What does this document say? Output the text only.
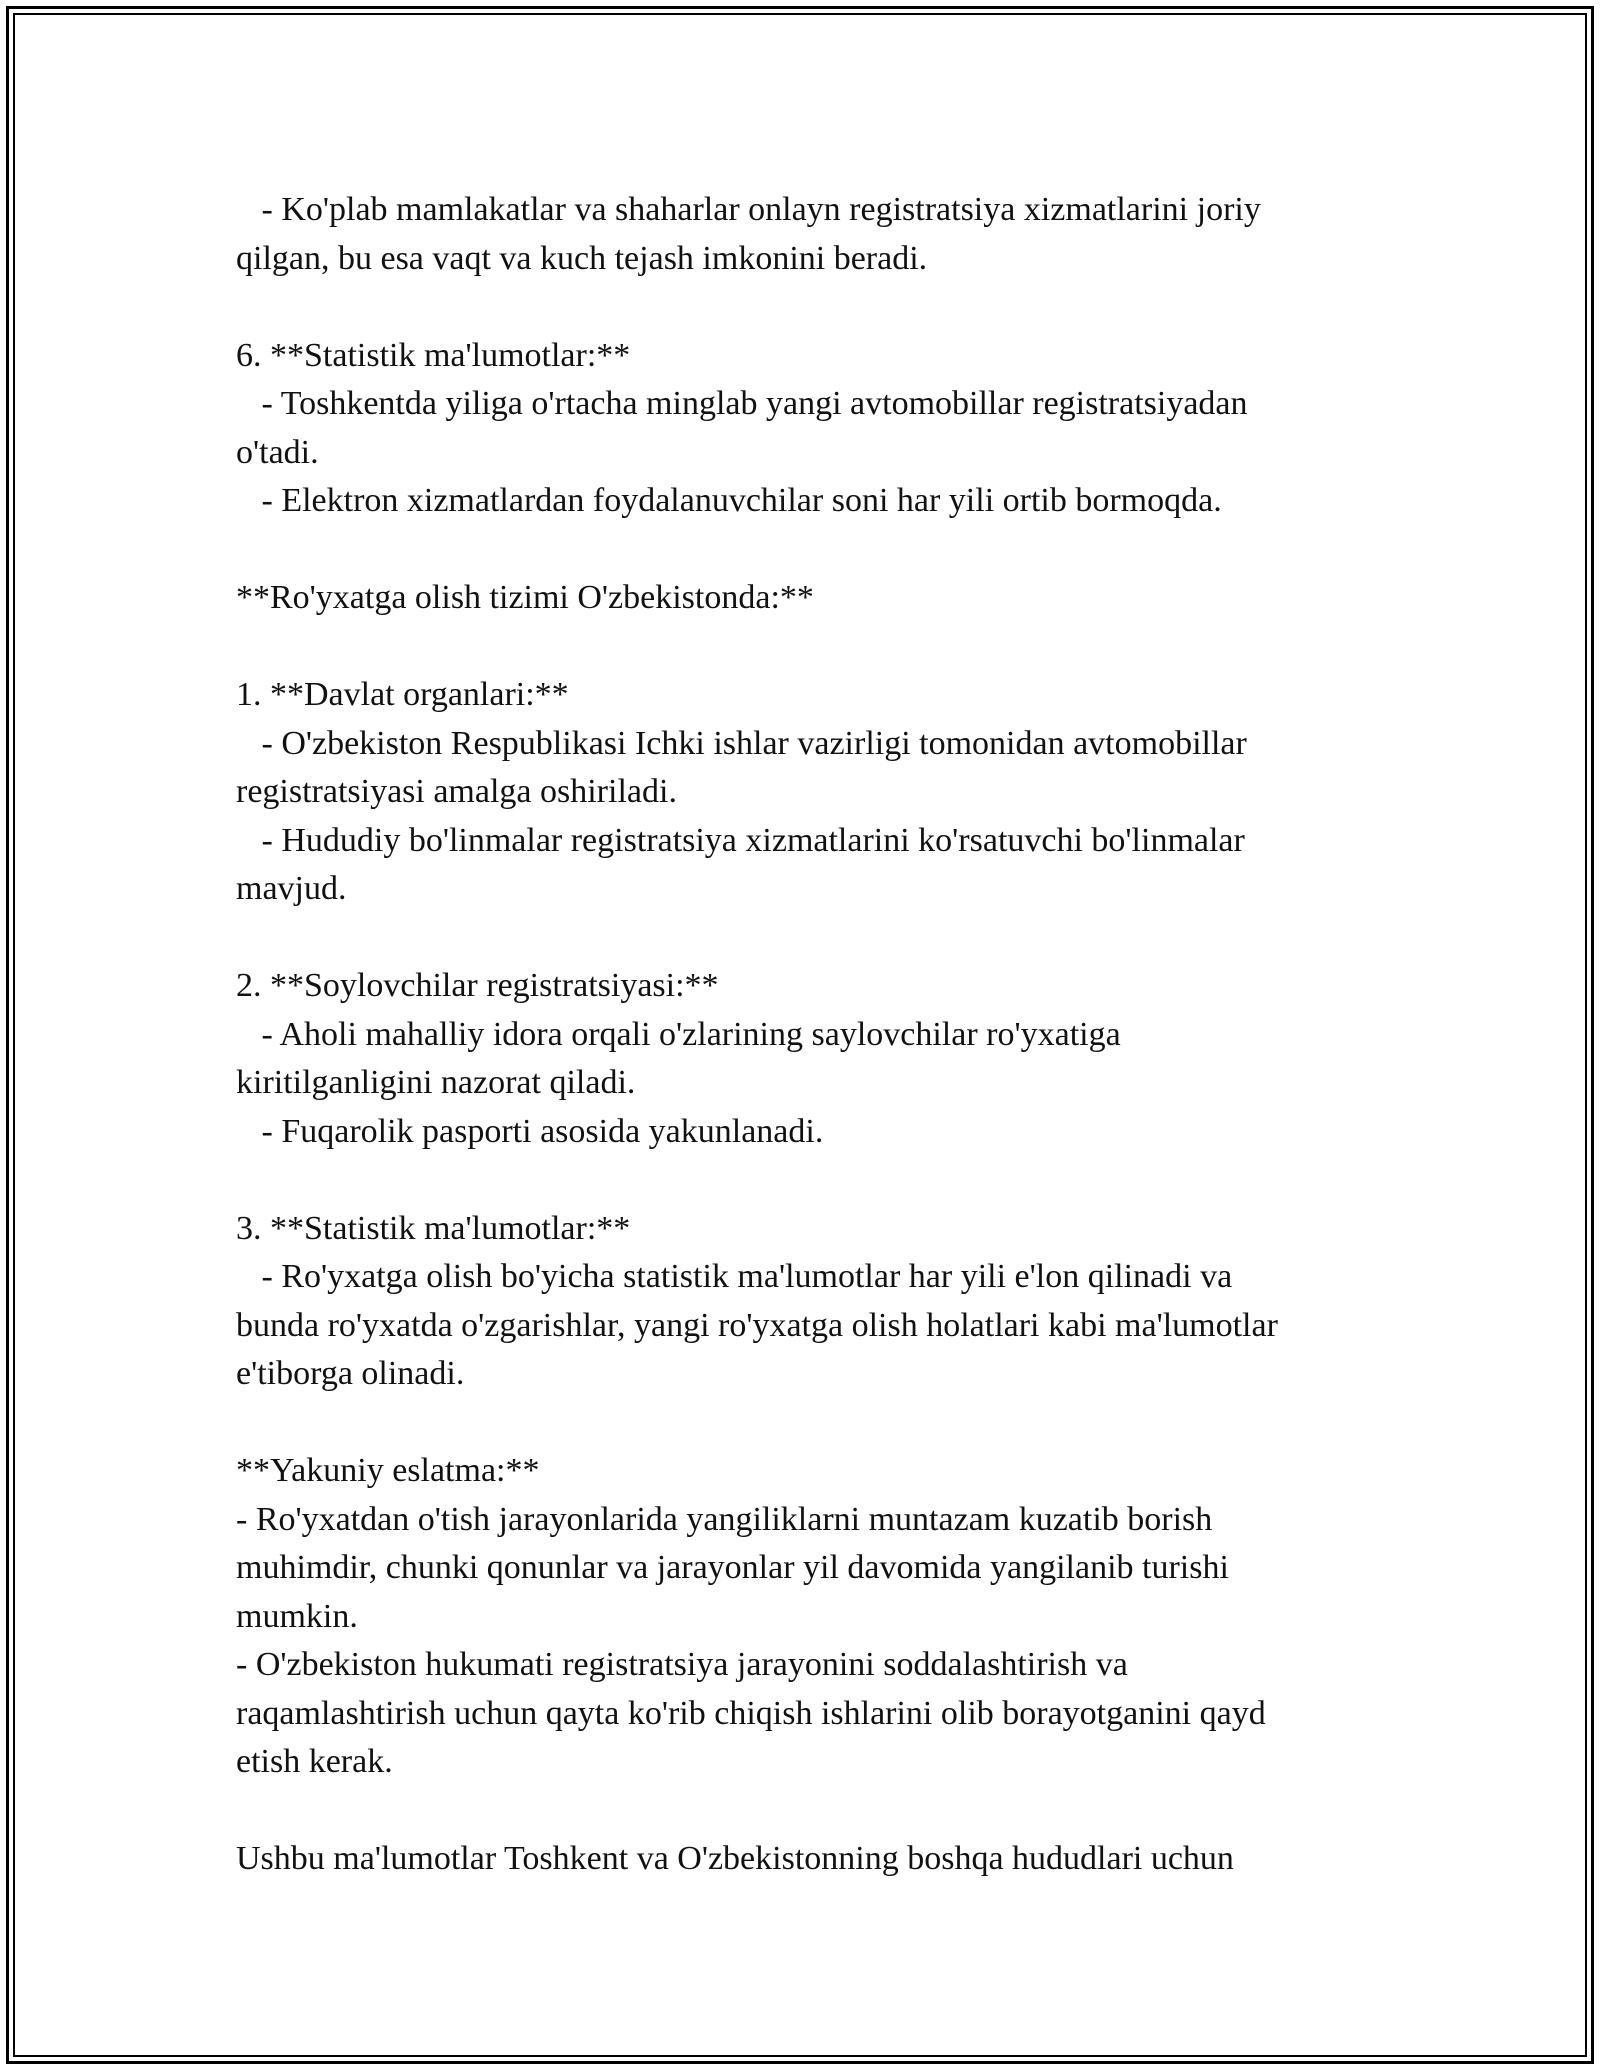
- Ko'plab mamlakatlar va shaharlar onlayn registratsiya xizmatlarini joriy

qilgan, bu esa vaqt va kuch tejash imkonini beradi.

6. **Statistik ma'lumotlar:**

- Toshkentda yiliga o'rtacha minglab yangi avtomobillar registratsiyadan

o'tadi.

- Elektron xizmatlardan foydalanuvchilar soni har yili ortib bormoqda.

**Ro'yxatga olish tizimi O'zbekistonda:**

1. **Davlat organlari:**

- O'zbekiston Respublikasi Ichki ishlar vazirligi tomonidan avtomobillar

registratsiyasi amalga oshiriladi.

- Hududiy bo'linmalar registratsiya xizmatlarini ko'rsatuvchi bo'linmalar

mavjud.

2. **Soylovchilar registratsiyasi:**

- Aholi mahalliy idora orqali o'zlarining saylovchilar ro'yxatiga

kiritilganligini nazorat qiladi.

- Fuqarolik pasporti asosida yakunlanadi.

3. **Statistik ma'lumotlar:**

- Ro'yxatga olish bo'yicha statistik ma'lumotlar har yili e'lon qilinadi va

bunda ro'yxatda o'zgarishlar, yangi ro'yxatga olish holatlari kabi ma'lumotlar

e'tiborga olinadi.

**Yakuniy eslatma:**

- Ro'yxatdan o'tish jarayonlarida yangiliklarni muntazam kuzatib borish

muhimdir, chunki qonunlar va jarayonlar yil davomida yangilanib turishi

mumkin.

- O'zbekiston hukumati registratsiya jarayonini soddalashtirish va

raqamlashtirish uchun qayta ko'rib chiqish ishlarini olib borayotganini qayd

etish kerak.

Ushbu ma'lumotlar Toshkent va O'zbekistonning boshqa hududlari uchun
